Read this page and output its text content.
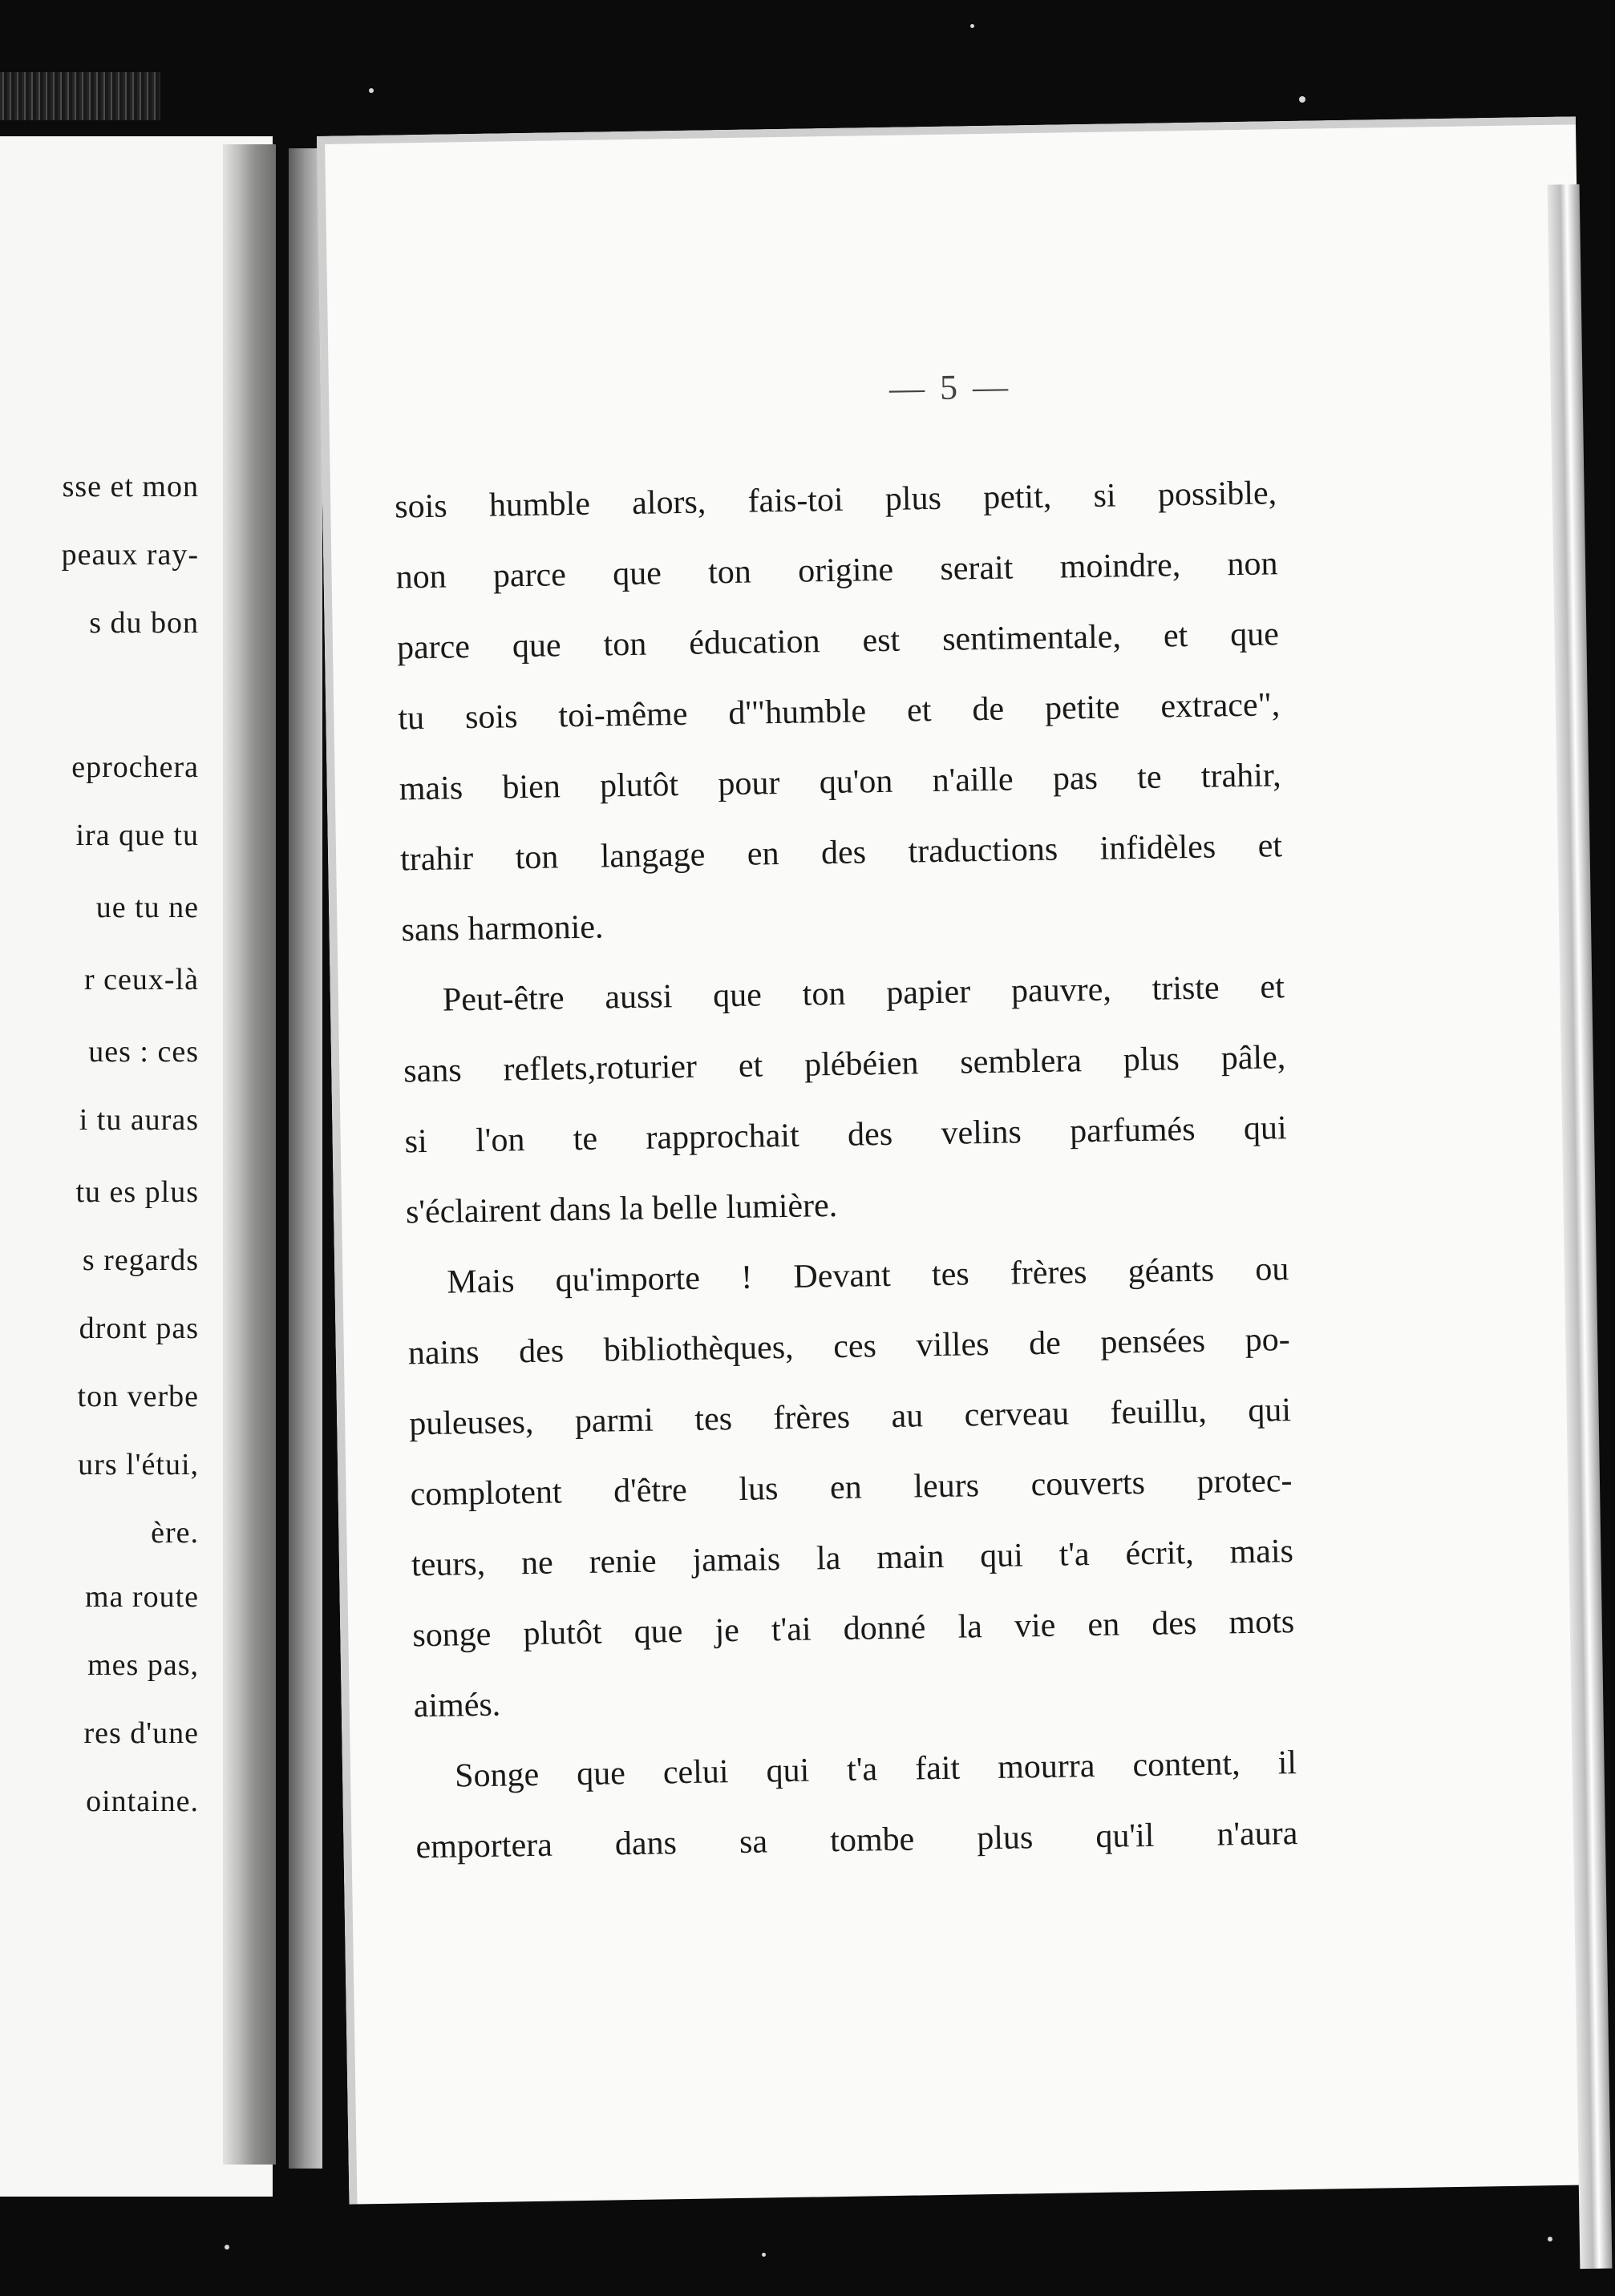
sse et mon
peaux ray-
s du bon
eprochera
ira que tu
ue tu ne
r ceux-là
ues : ces
i tu auras
tu es plus
s regards
dront pas
ton verbe
urs l'étui,
ère.
ma route
mes pas,
res d'une
ointaine.
— 5 —
sois humble alors, fais-toi plus petit, si possible,
non parce que ton origine serait moindre, non
parce que ton éducation est sentimentale, et que
tu sois toi-même d'"humble et de petite extrace",
mais bien plutôt pour qu'on n'aille pas te trahir,
trahir ton langage en des traductions infidèles et
sans harmonie.
Peut-être aussi que ton papier pauvre, triste et
sans reflets,roturier et plébéien semblera plus pâle,
si l'on te rapprochait des velins parfumés qui
s'éclairent dans la belle lumière.
Mais qu'importe ! Devant tes frères géants ou
nains des bibliothèques, ces villes de pensées po-
puleuses, parmi tes frères au cerveau feuillu, qui
complotent d'être lus en leurs couverts protec-
teurs, ne renie jamais la main qui t'a écrit, mais
songe plutôt que je t'ai donné la vie en des mots
aimés.
Songe que celui qui t'a fait mourra content, il
emportera dans sa tombe plus qu'il n'aura
